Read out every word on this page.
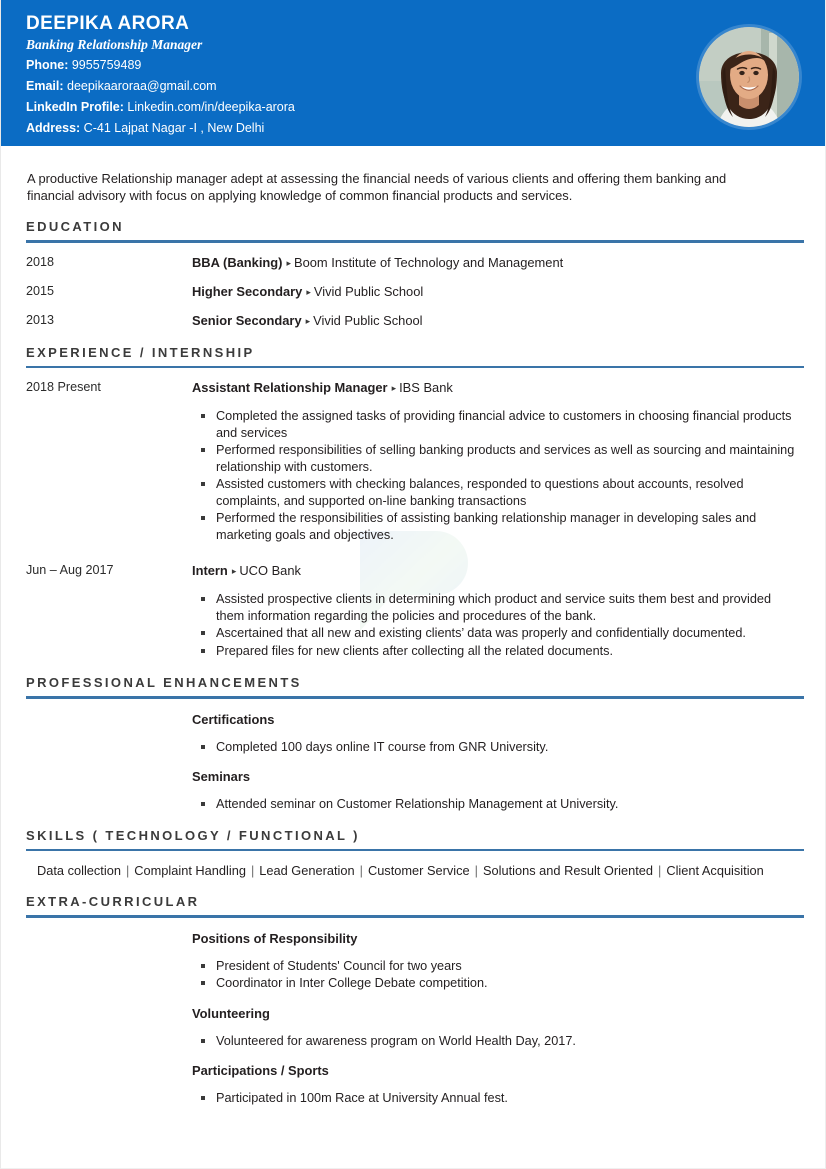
DEEPIKA ARORA
Banking Relationship Manager
Phone: 9955759489
Email: deepikaaroraa@gmail.com
LinkedIn Profile: Linkedin.com/in/deepika-arora
Address: C-41 Lajpat Nagar -I , New Delhi

A productive Relationship manager adept at assessing the financial needs of various clients and offering them banking and financial advisory with focus on applying knowledge of common financial products and services.

EDUCATION
2018	BBA (Banking) ▸ Boom Institute of Technology and Management
2015	Higher Secondary ▸ Vivid Public School
2013	Senior Secondary ▸ Vivid Public School
EXPERIENCE / INTERNSHIP
2018 Present	Assistant Relationship Manager ▸ IBS Bank
Completed the assigned tasks of providing financial advice to customers in choosing financial products and services
Performed responsibilities of selling banking products and services as well as sourcing and maintaining relationship with customers.
Assisted customers with checking balances, responded to questions about accounts, resolved complaints, and supported on-line banking transactions
Performed the responsibilities of assisting banking relationship manager in developing sales and marketing goals and objectives.
Jun – Aug 2017	Intern ▸ UCO Bank
Assisted prospective clients in determining which product and service suits them best and provided them information regarding the policies and procedures of the bank.
Ascertained that all new and existing clients’ data was properly and confidentially documented.
Prepared files for new clients after collecting all the related documents.
PROFESSIONAL ENHANCEMENTS
Certifications
Completed 100 days online IT course from GNR University.
Seminars
Attended seminar on Customer Relationship Management at University.
SKILLS ( TECHNOLOGY / FUNCTIONAL )
Data collection | Complaint Handling | Lead Generation | Customer Service | Solutions and Result Oriented | Client Acquisition
EXTRA-CURRICULAR
Positions of Responsibility
President of Students' Council for two years
Coordinator in Inter College Debate competition.
Volunteering
Volunteered for awareness program on World Health Day, 2017.
Participations / Sports
Participated in 100m Race at University Annual fest.
